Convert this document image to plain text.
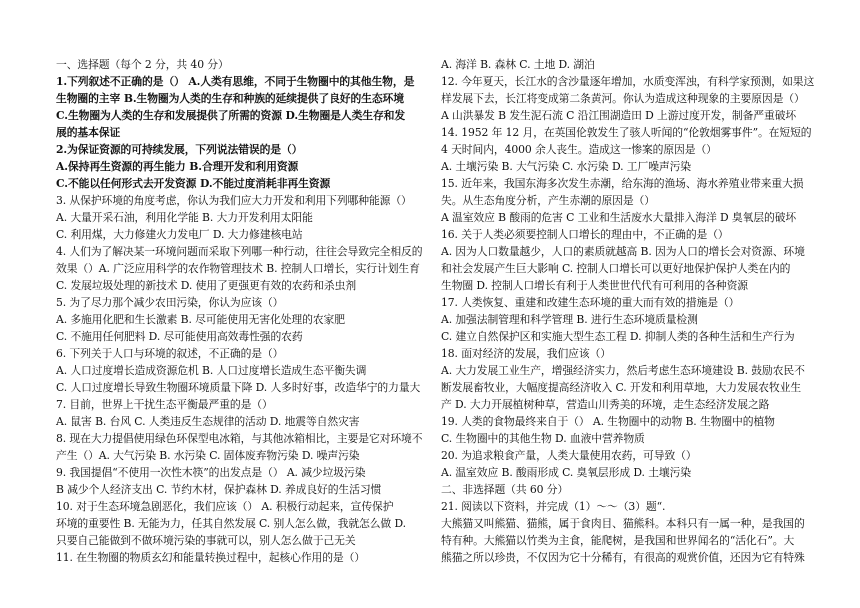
一、选择题（每个 2 分，共 40 分）
1.下列叙述不正确的是（） A.人类有思维，不同于生物圈中的其他生物，是
生物圈的主宰 B.生物圈为人类的生存和种族的延续提供了良好的生态环境
C.生物圈为人类的生存和发展提供了所需的资源 D.生物圈是人类生存和发
展的基本保证
2.为保证资源的可持续发展，下列说法错误的是（）
A.保持再生资源的再生能力 B.合理开发和利用资源
C.不能以任何形式去开发资源 D.不能过度消耗非再生资源
3. 从保护环境的角度考虑，你认为我们应大力开发和利用下列哪种能源（）
A. 大量开采石油，利用化学能 B. 大力开发利用太阳能
C. 利用煤，大力修建火力发电厂 D. 大力修建核电站
4. 人们为了解决某一环境问题而采取下列哪一种行动，往往会导致完全相反的
效果（）A. 广泛应用科学的农作物管理技术 B. 控制人口增长，实行计划生育
C. 发展垃圾处理的新技术 D. 使用了更强更有效的农药和杀虫剂
5. 为了尽力那个减少农田污染，你认为应该（）
A. 多施用化肥和生长激素 B. 尽可能使用无害化处理的农家肥
C. 不施用任何肥料 D. 尽可能使用高效毒性强的农药
6. 下列关于人口与环境的叙述，不正确的是（）
A. 人口过度增长造成资源危机 B. 人口过度增长造成生态平衡失调
C. 人口过度增长导致生物圈环境质量下降 D. 人多时好事，改造华宁的力量大
7. 目前，世界上干扰生态平衡最严重的是（）
A. 鼠害 B. 台风 C. 人类违反生态规律的活动 D. 地震等自然灾害
8. 现在大力提倡使用绿色环保型电冰箱，与其他冰箱相比，主要是它对环境不
产生（）A. 大气污染 B. 水污染 C. 固体废弃物污染 D. 噪声污染
9. 我国提倡“不使用一次性木筷”的出发点是（） A. 减少垃圾污染
B 减少个人经济支出 C. 节约木材，保护森林 D. 养成良好的生活习惯
10. 对于生态环境急剧恶化，我们应该（） A. 积极行动起来，宣传保护
环境的重要性 B. 无能为力，任其自然发展 C. 别人怎么做，我就怎么做 D.
只要自己能做到不做环境污染的事就可以，别人怎么做于己无关
11. 在生物圈的物质玄幻和能量转换过程中，起核心作用的是（）
A. 海洋 B. 森林 C. 土地 D. 湖泊
12. 今年夏天，长江水的含沙量逐年增加，水质变浑浊，有科学家预测，如果这
样发展下去，长江将变成第二条黄河。你认为造成这种现象的主要原因是（）
A 山洪暴发 B 发生泥石流 C 沿江围湖造田 D 上游过度开发，制备严重破坏
14. 1952 年 12 月，在英国伦敦发生了骇人听闻的“伦敦烟雾事件”。在短短的
4 天时间内，4000 余人丧生。造成这一惨案的原因是（）
A. 土壤污染 B. 大气污染 C. 水污染 D. 工厂噪声污染
15. 近年来，我国东海多次发生赤潮，给东海的渔场、海水养殖业带来重大损
失。从生态角度分析，产生赤潮的原因是（）
A 温室效应 B 酸雨的危害 C 工业和生活废水大量排入海洋 D 臭氧层的破坏
16. 关于人类必须要控制人口增长的理由中，不正确的是（）
A. 因为人口数量越少，人口的素质就越高 B. 因为人口的增长会对资源、环境
和社会发展产生巨大影响 C. 控制人口增长可以更好地保护保护人类在内的
生物圈 D. 控制人口增长有利于人类世世代代有可利用的各种资源
17. 人类恢复、重建和改建生态环境的重大而有效的措施是（）
A. 加强法制管理和科学管理 B. 进行生态环境质量检测
C. 建立自然保护区和实施大型生态工程 D. 抑制人类的各种生活和生产行为
18. 面对经济的发展，我们应该（）
A. 大力发展工业生产，增强经济实力，然后考虑生态环境建设 B. 鼓励农民不
断发展畜牧业，大幅度提高经济收入 C. 开发和利用草地，大力发展农牧业生
产 D. 大力开展植树种草，营造山川秀美的环境，走生态经济发展之路
19. 人类的食物最终来自于（） A. 生物圈中的动物 B. 生物圈中的植物
C. 生物圈中的其他生物 D. 血液中营养物质
20. 为追求粮食产量，人类大量使用农药，可导致（）
A. 温室效应 B. 酸雨形成 C. 臭氧层形成 D. 土壤污染
二、非选择题（共 60 分）
21. 阅读以下资料，并完成（1）～～（3）题“.
大熊猫又叫熊猫、猫熊，属于食肉目、猫熊科。本科只有一属一种，是我国的
特有种。大熊猫以竹类为主食，能爬树，是我国和世界闻名的“活化石”。大
熊猫之所以珍贵，不仅因为它十分稀有，有很高的观赏价值，还因为它有特殊
